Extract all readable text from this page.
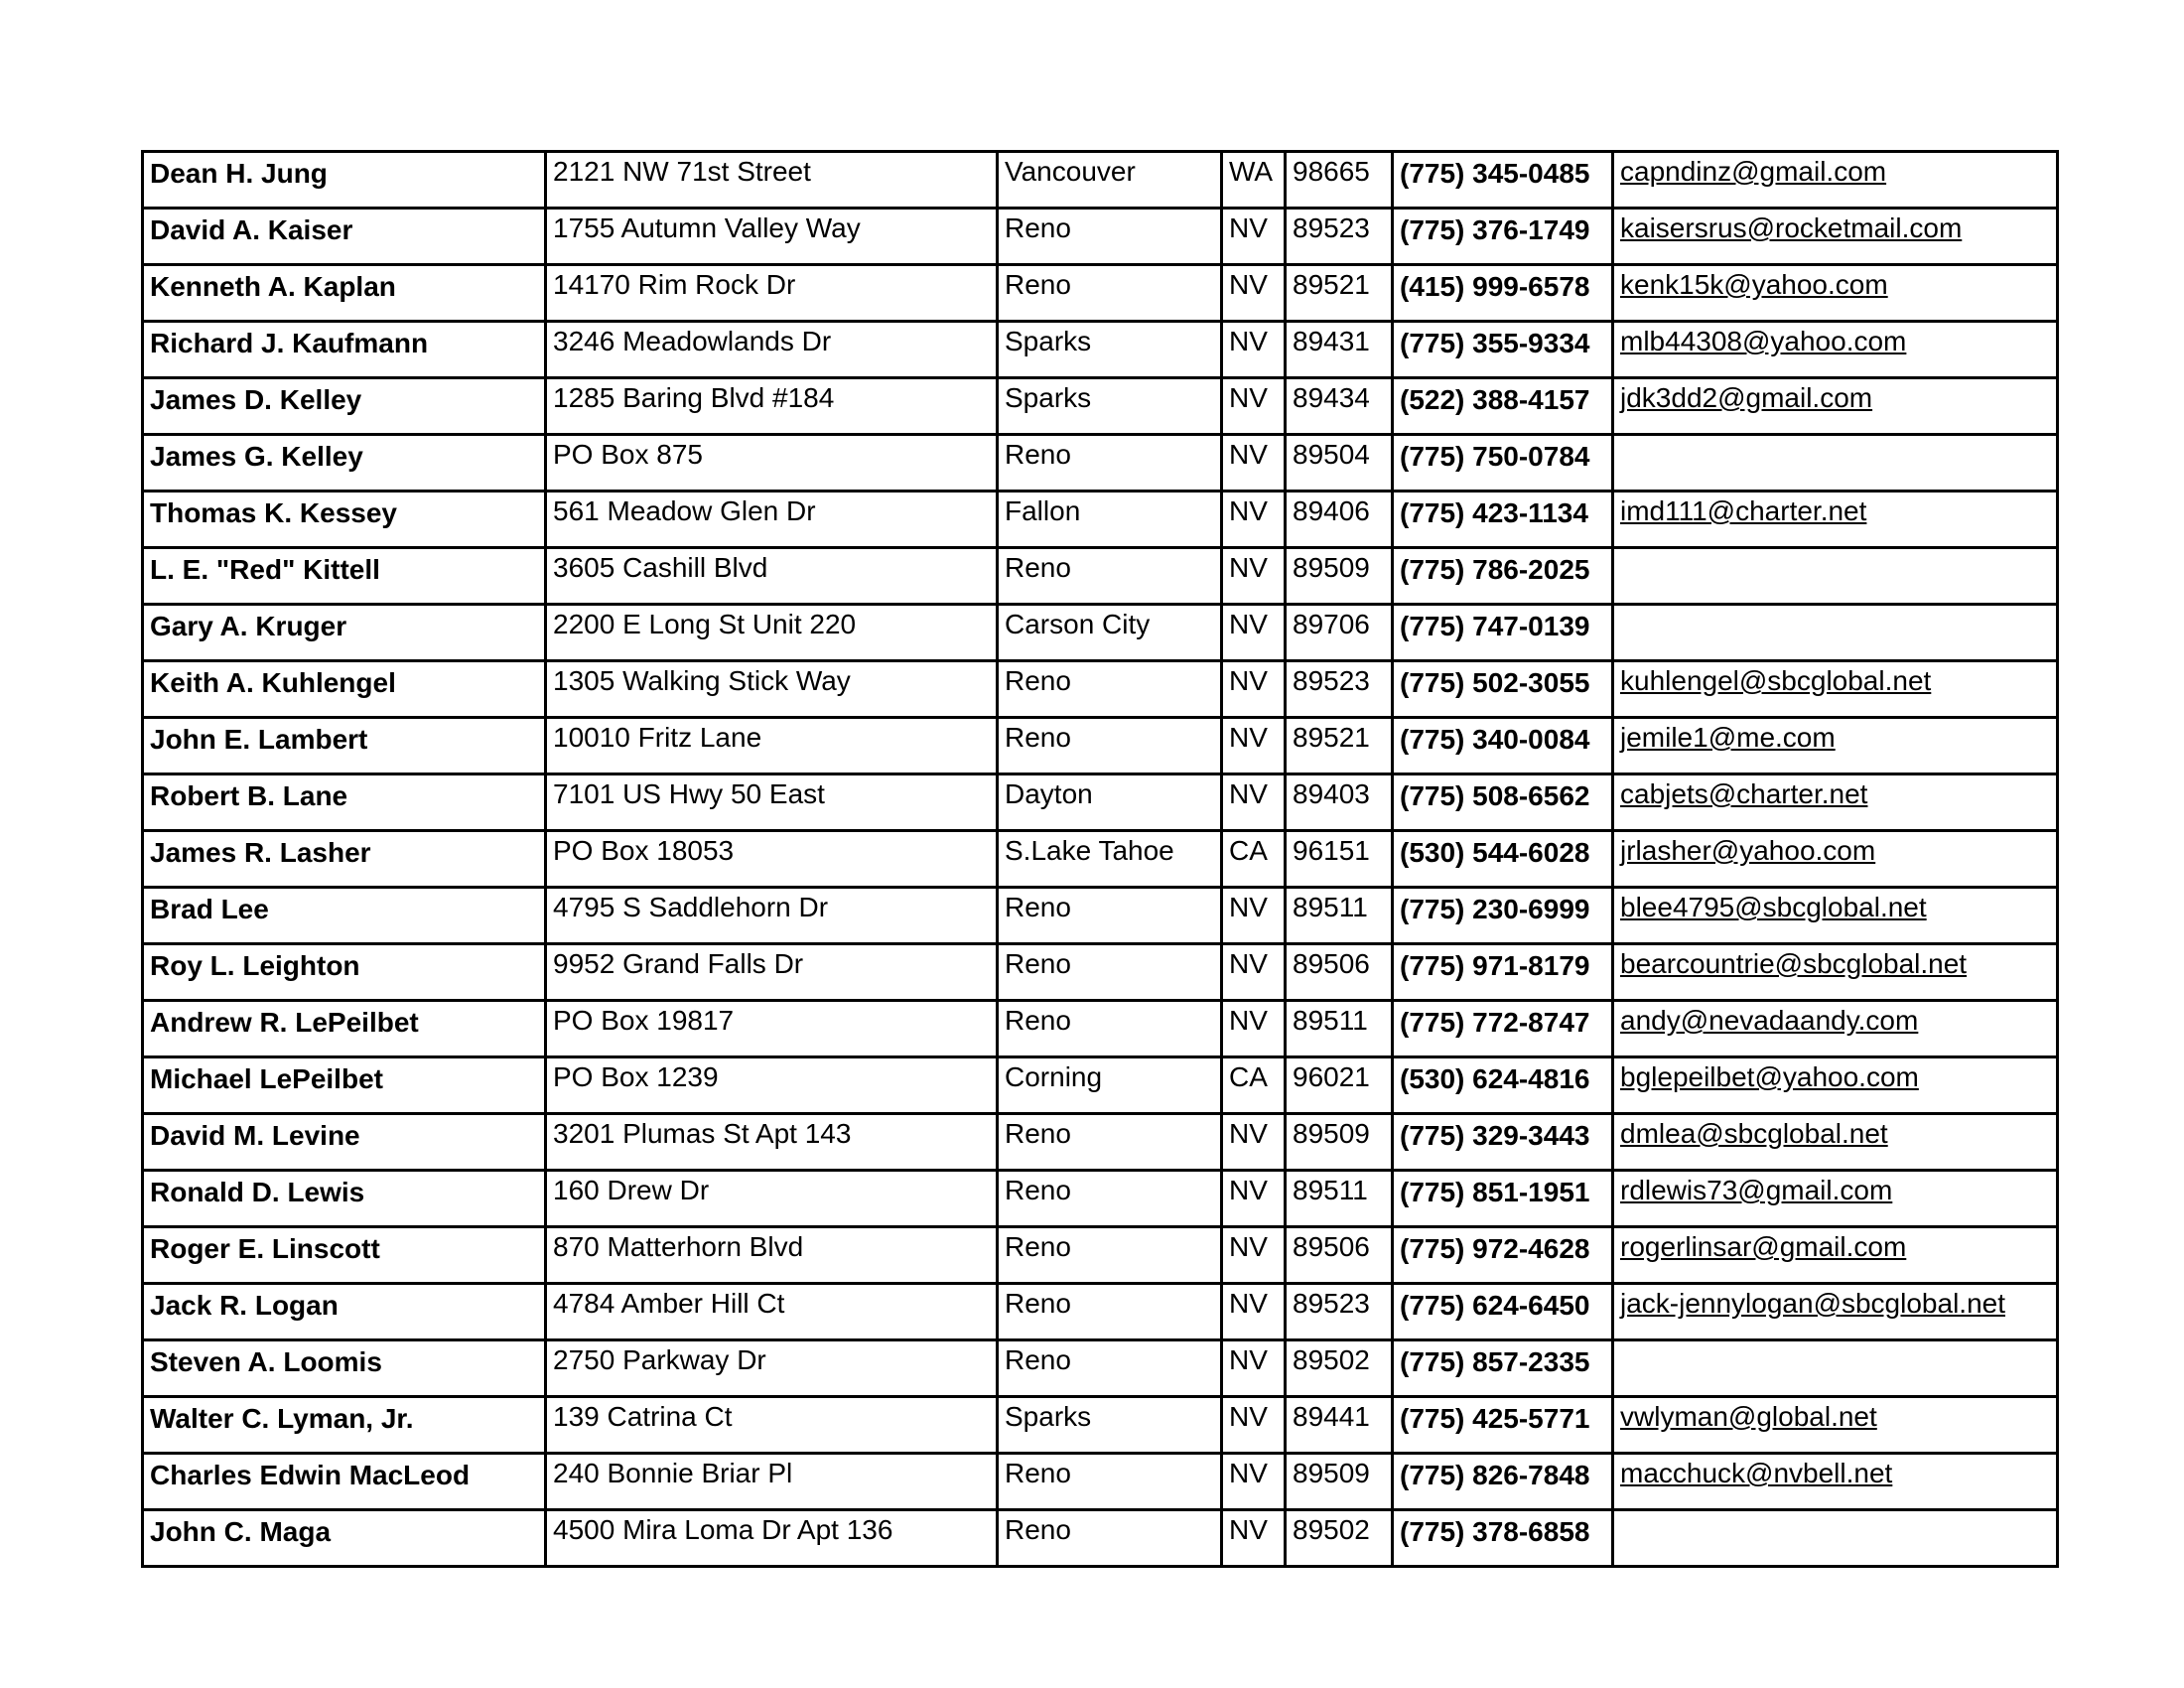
Dean H. Jung	2121 NW 71st Street	Vancouver	WA	98665	(775) 345-0485	capndinz@gmail.com
David A. Kaiser	1755 Autumn Valley Way	Reno	NV	89523	(775) 376-1749	kaisersrus@rocketmail.com
Kenneth A. Kaplan	14170 Rim Rock Dr	Reno	NV	89521	(415) 999-6578	kenk15k@yahoo.com
Richard J. Kaufmann	3246 Meadowlands Dr	Sparks	NV	89431	(775) 355-9334	mlb44308@yahoo.com
James D. Kelley	1285 Baring Blvd #184	Sparks	NV	89434	(522) 388-4157	jdk3dd2@gmail.com
James G. Kelley	PO Box 875	Reno	NV	89504	(775) 750-0784	
Thomas K. Kessey	561 Meadow Glen Dr	Fallon	NV	89406	(775) 423-1134	imd111@charter.net
L. E. "Red" Kittell	3605 Cashill Blvd	Reno	NV	89509	(775) 786-2025	
Gary A. Kruger	2200 E Long St Unit 220	Carson City	NV	89706	(775) 747-0139	
Keith A. Kuhlengel	1305 Walking Stick Way	Reno	NV	89523	(775) 502-3055	kuhlengel@sbcglobal.net
John E. Lambert	10010 Fritz Lane	Reno	NV	89521	(775) 340-0084	jemile1@me.com
Robert B. Lane	7101 US Hwy 50 East	Dayton	NV	89403	(775) 508-6562	cabjets@charter.net
James R. Lasher	PO Box 18053	S.Lake Tahoe	CA	96151	(530) 544-6028	jrlasher@yahoo.com
Brad Lee	4795 S Saddlehorn Dr	Reno	NV	89511	(775) 230-6999	blee4795@sbcglobal.net
Roy L. Leighton	9952 Grand Falls Dr	Reno	NV	89506	(775) 971-8179	bearcountrie@sbcglobal.net
Andrew R. LePeilbet	PO Box 19817	Reno	NV	89511	(775) 772-8747	andy@nevadaandy.com
Michael LePeilbet	PO Box 1239	Corning	CA	96021	(530) 624-4816	bglepeilbet@yahoo.com
David M. Levine	3201 Plumas St Apt 143	Reno	NV	89509	(775) 329-3443	dmlea@sbcglobal.net
Ronald D. Lewis	160 Drew Dr	Reno	NV	89511	(775) 851-1951	rdlewis73@gmail.com
Roger E. Linscott	870 Matterhorn Blvd	Reno	NV	89506	(775) 972-4628	rogerlinsar@gmail.com
Jack R. Logan	4784 Amber Hill Ct	Reno	NV	89523	(775) 624-6450	jack-jennylogan@sbcglobal.net
Steven A. Loomis	2750 Parkway Dr	Reno	NV	89502	(775) 857-2335	
Walter C. Lyman, Jr.	139 Catrina Ct	Sparks	NV	89441	(775) 425-5771	vwlyman@global.net
Charles Edwin MacLeod	240 Bonnie Briar Pl	Reno	NV	89509	(775) 826-7848	macchuck@nvbell.net
John C. Maga	4500 Mira Loma Dr Apt 136	Reno	NV	89502	(775) 378-6858	
